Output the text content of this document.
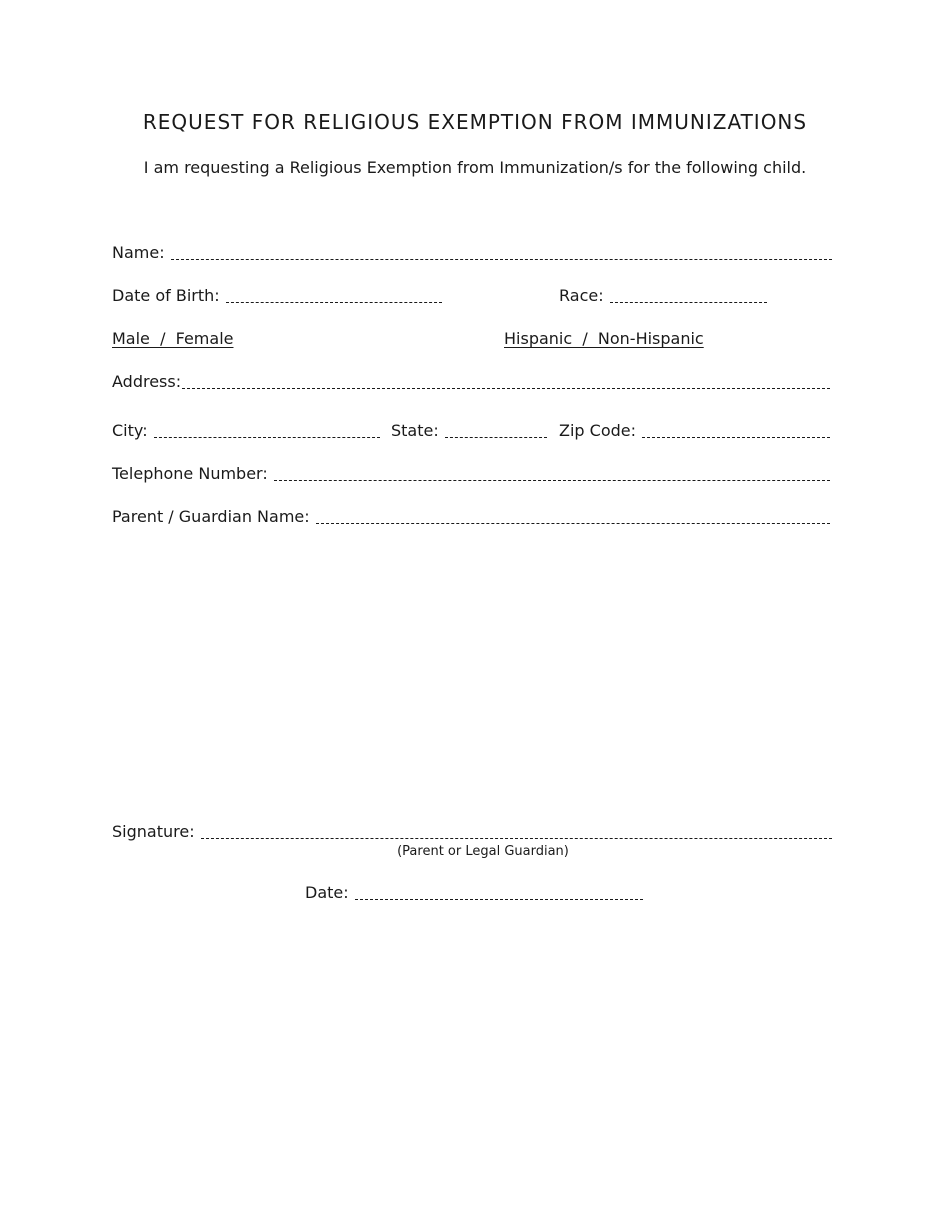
REQUEST FOR RELIGIOUS EXEMPTION FROM IMMUNIZATIONS
I am requesting a Religious Exemption from Immunization/s for the following child.
Name:
Date of Birth:	Race:
Male  /  Female	Hispanic  /  Non-Hispanic
Address:
City:	State:	Zip Code:
Telephone Number:
Parent / Guardian Name:
Signature:
(Parent or Legal Guardian)
Date:
